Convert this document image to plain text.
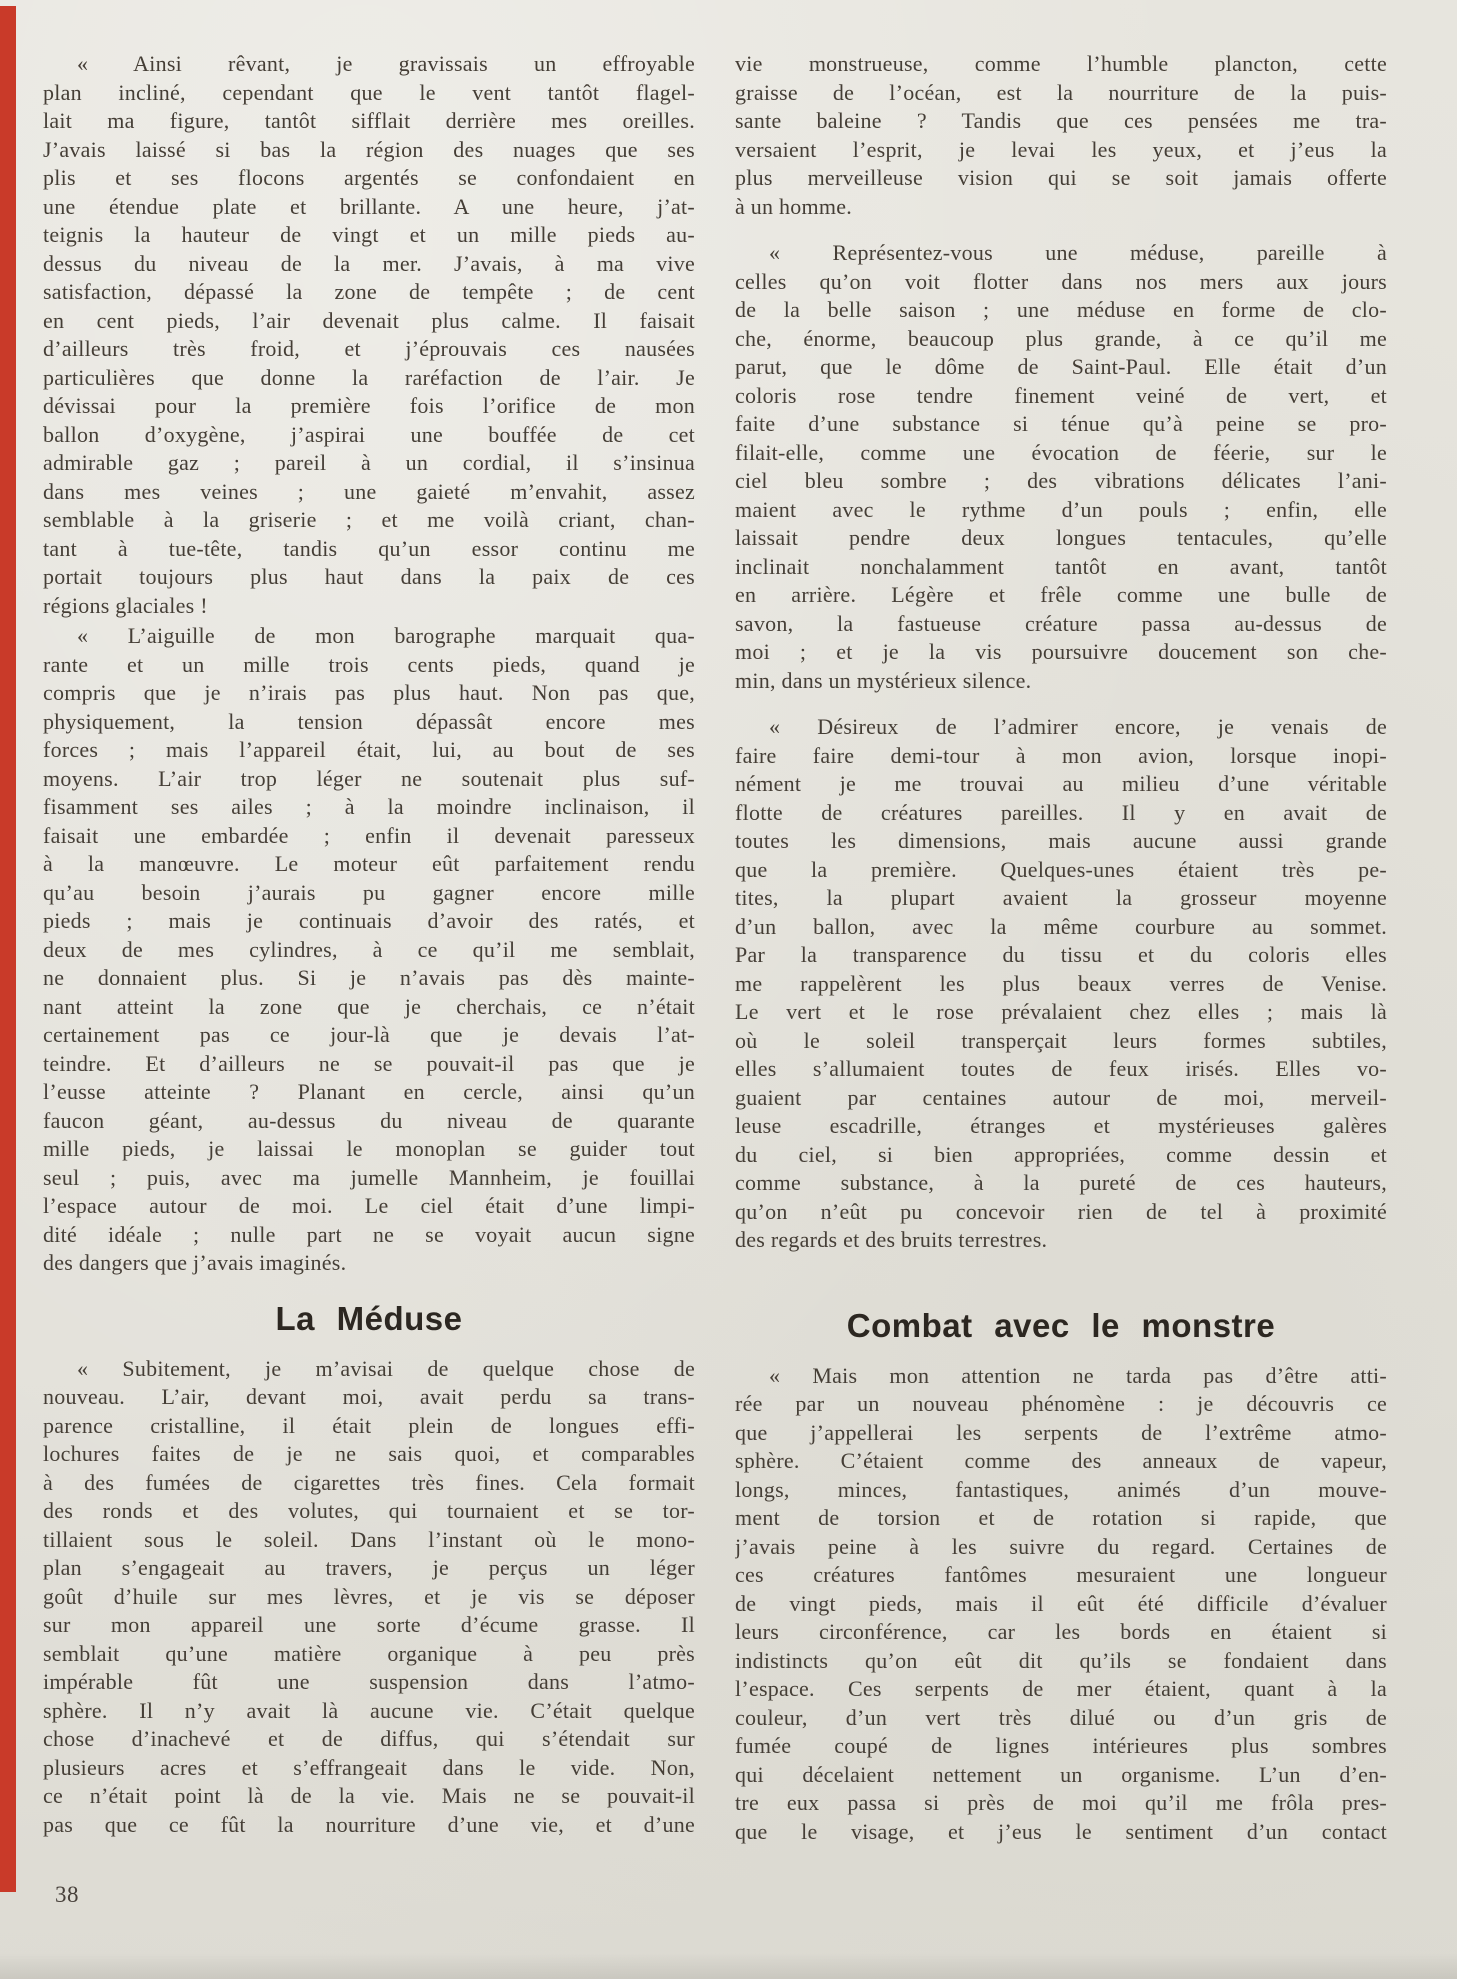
« Ainsi rêvant, je gravissais un effroyable
plan incliné, cependant que le vent tantôt flagel-
lait ma figure, tantôt sifflait derrière mes oreilles.
J’avais laissé si bas la région des nuages que ses
plis et ses flocons argentés se confondaient en
une étendue plate et brillante. A une heure, j’at-
teignis la hauteur de vingt et un mille pieds au-
dessus du niveau de la mer. J’avais, à ma vive
satisfaction, dépassé la zone de tempête ; de cent
en cent pieds, l’air devenait plus calme. Il faisait
d’ailleurs très froid, et j’éprouvais ces nausées
particulières que donne la raréfaction de l’air. Je
dévissai pour la première fois l’orifice de mon
ballon d’oxygène, j’aspirai une bouffée de cet
admirable gaz ; pareil à un cordial, il s’insinua
dans mes veines ; une gaieté m’envahit, assez
semblable à la griserie ; et me voilà criant, chan-
tant à tue-tête, tandis qu’un essor continu me
portait toujours plus haut dans la paix de ces
régions glaciales !
« L’aiguille de mon barographe marquait qua-
rante et un mille trois cents pieds, quand je
compris que je n’irais pas plus haut. Non pas que,
physiquement, la tension dépassât encore mes
forces ; mais l’appareil était, lui, au bout de ses
moyens. L’air trop léger ne soutenait plus suf-
fisamment ses ailes ; à la moindre inclinaison, il
faisait une embardée ; enfin il devenait paresseux
à la manœuvre. Le moteur eût parfaitement rendu
qu’au besoin j’aurais pu gagner encore mille
pieds ; mais je continuais d’avoir des ratés, et
deux de mes cylindres, à ce qu’il me semblait,
ne donnaient plus. Si je n’avais pas dès mainte-
nant atteint la zone que je cherchais, ce n’était
certainement pas ce jour-là que je devais l’at-
teindre. Et d’ailleurs ne se pouvait-il pas que je
l’eusse atteinte ? Planant en cercle, ainsi qu’un
faucon géant, au-dessus du niveau de quarante
mille pieds, je laissai le monoplan se guider tout
seul ; puis, avec ma jumelle Mannheim, je fouillai
l’espace autour de moi. Le ciel était d’une limpi-
dité idéale ; nulle part ne se voyait aucun signe
des dangers que j’avais imaginés.
La Méduse
« Subitement, je m’avisai de quelque chose de
nouveau. L’air, devant moi, avait perdu sa trans-
parence cristalline, il était plein de longues effi-
lochures faites de je ne sais quoi, et comparables
à des fumées de cigarettes très fines. Cela formait
des ronds et des volutes, qui tournaient et se tor-
tillaient sous le soleil. Dans l’instant où le mono-
plan s’engageait au travers, je perçus un léger
goût d’huile sur mes lèvres, et je vis se déposer
sur mon appareil une sorte d’écume grasse. Il
semblait qu’une matière organique à peu près
impérable fût une suspension dans l’atmo-
sphère. Il n’y avait là aucune vie. C’était quelque
chose d’inachevé et de diffus, qui s’étendait sur
plusieurs acres et s’effrangeait dans le vide. Non,
ce n’était point là de la vie. Mais ne se pouvait-il
pas que ce fût la nourriture d’une vie, et d’une
vie monstrueuse, comme l’humble plancton, cette
graisse de l’océan, est la nourriture de la puis-
sante baleine ? Tandis que ces pensées me tra-
versaient l’esprit, je levai les yeux, et j’eus la
plus merveilleuse vision qui se soit jamais offerte
à un homme.
« Représentez-vous une méduse, pareille à
celles qu’on voit flotter dans nos mers aux jours
de la belle saison ; une méduse en forme de clo-
che, énorme, beaucoup plus grande, à ce qu’il me
parut, que le dôme de Saint-Paul. Elle était d’un
coloris rose tendre finement veiné de vert, et
faite d’une substance si ténue qu’à peine se pro-
filait-elle, comme une évocation de féerie, sur le
ciel bleu sombre ; des vibrations délicates l’ani-
maient avec le rythme d’un pouls ; enfin, elle
laissait pendre deux longues tentacules, qu’elle
inclinait nonchalamment tantôt en avant, tantôt
en arrière. Légère et frêle comme une bulle de
savon, la fastueuse créature passa au-dessus de
moi ; et je la vis poursuivre doucement son che-
min, dans un mystérieux silence.
« Désireux de l’admirer encore, je venais de
faire faire demi-tour à mon avion, lorsque inopi-
nément je me trouvai au milieu d’une véritable
flotte de créatures pareilles. Il y en avait de
toutes les dimensions, mais aucune aussi grande
que la première. Quelques-unes étaient très pe-
tites, la plupart avaient la grosseur moyenne
d’un ballon, avec la même courbure au sommet.
Par la transparence du tissu et du coloris elles
me rappelèrent les plus beaux verres de Venise.
Le vert et le rose prévalaient chez elles ; mais là
où le soleil transperçait leurs formes subtiles,
elles s’allumaient toutes de feux irisés. Elles vo-
guaient par centaines autour de moi, merveil-
leuse escadrille, étranges et mystérieuses galères
du ciel, si bien appropriées, comme dessin et
comme substance, à la pureté de ces hauteurs,
qu’on n’eût pu concevoir rien de tel à proximité
des regards et des bruits terrestres.
Combat avec le monstre
« Mais mon attention ne tarda pas d’être atti-
rée par un nouveau phénomène : je découvris ce
que j’appellerai les serpents de l’extrême atmo-
sphère. C’étaient comme des anneaux de vapeur,
longs, minces, fantastiques, animés d’un mouve-
ment de torsion et de rotation si rapide, que
j’avais peine à les suivre du regard. Certaines de
ces créatures fantômes mesuraient une longueur
de vingt pieds, mais il eût été difficile d’évaluer
leurs circonférence, car les bords en étaient si
indistincts qu’on eût dit qu’ils se fondaient dans
l’espace. Ces serpents de mer étaient, quant à la
couleur, d’un vert très dilué ou d’un gris de
fumée coupé de lignes intérieures plus sombres
qui décelaient nettement un organisme. L’un d’en-
tre eux passa si près de moi qu’il me frôla pres-
que le visage, et j’eus le sentiment d’un contact
38
